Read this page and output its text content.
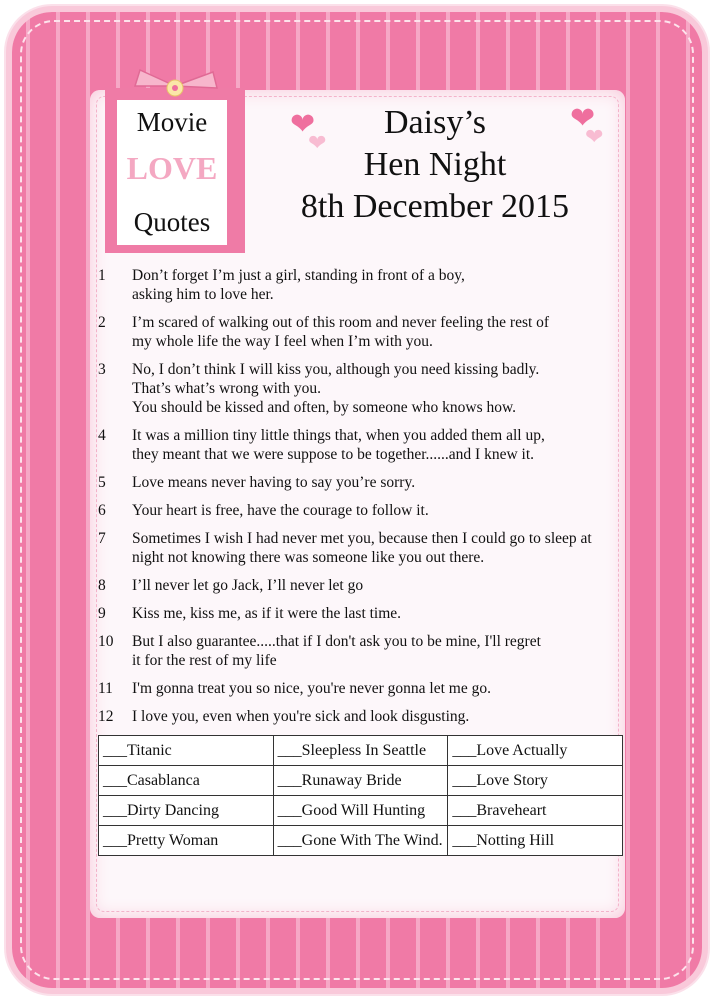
Movie
LOVE
Quotes
❤
❤
❤
❤
Daisy’s
Hen Night
8th December 2015
1	Don’t forget I’m just a girl, standing in front of a boy,
asking him to love her.
2	I’m scared of walking out of this room and never feeling the rest of
my whole life the way I feel when I’m with you.
3	No, I don’t think I will kiss you, although you need kissing badly.
That’s what’s wrong with you.
You should be kissed and often, by someone who knows how.
4	It was a million tiny little things that, when you added them all up,
they meant that we were suppose to be together......and I knew it.
5	Love means never having to say you’re sorry.
6	Your heart is free, have the courage to follow it.
7	Sometimes I wish I had never met you, because then I could go to sleep at
night not knowing there was someone like you out there.
8	I’ll never let go Jack, I’ll never let go
9	Kiss me, kiss me, as if it were the last time.
10	But I also guarantee.....that if I don't ask you to be mine, I'll regret
it for the rest of my life
11	I'm gonna treat you so nice, you're never gonna let me go.
12	I love you, even when you're sick and look disgusting.
___Titanic	___Sleepless In Seattle	___Love Actually
___Casablanca	___Runaway Bride	___Love Story
___Dirty Dancing	___Good Will Hunting	___Braveheart
___Pretty Woman	___Gone With The Wind.	___Notting Hill
